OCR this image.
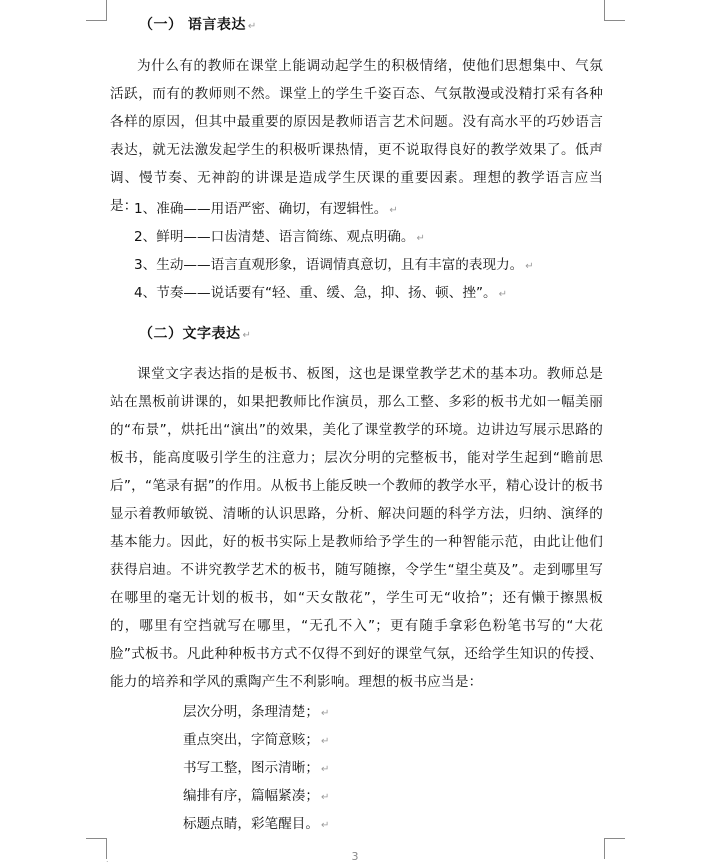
（一） 语言表达 ↵

为什么有的教师在课堂上能调动起学生的积极情绪，使他们思想集中、气氛活跃，而有的教师则不然。课堂上的学生千姿百态、气氛散漫或没精打采有各种各样的原因，但其中最重要的原因是教师语言艺术问题。没有高水平的巧妙语言表达，就无法激发起学生的积极听课热情，更不说取得良好的教学效果了。低声调、慢节奏、无神韵的讲课是造成学生厌课的重要因素。理想的教学语言应当是：

1、准确——用语严密、确切，有逻辑性。 ↵
2、鲜明——口齿清楚、语言简练、观点明确。 ↵
3、生动——语言直观形象，语调情真意切，且有丰富的表现力。 ↵
4、节奏——说话要有“轻、重、缓、急，抑、扬、顿、挫”。 ↵
（二）文字表达 ↵

课堂文字表达指的是板书、板图，这也是课堂教学艺术的基本功。教师总是站在黑板前讲课的，如果把教师比作演员，那么工整、多彩的板书尤如一幅美丽的“布景”，烘托出“演出”的效果，美化了课堂教学的环境。边讲边写展示思路的板书，能高度吸引学生的注意力；层次分明的完整板书，能对学生起到“瞻前思后”，“笔录有据”的作用。从板书上能反映一个教师的教学水平，精心设计的板书显示着教师敏锐、清晰的认识思路，分析、解决问题的科学方法，归纳、演绎的基本能力。因此，好的板书实际上是教师给予学生的一种智能示范，由此让他们获得启迪。不讲究教学艺术的板书，随写随擦，令学生“望尘莫及”。走到哪里写在哪里的毫无计划的板书，如“天女散花”，学生可无“收拾”；还有懒于擦黑板的，哪里有空挡就写在哪里，“无孔不入”；更有随手拿彩色粉笔书写的“大花脸”式板书。凡此种种板书方式不仅得不到好的课堂气氛，还给学生知识的传授、能力的培养和学风的熏陶产生不利影响。理想的板书应当是：

层次分明，条理清楚； ↵
重点突出，字简意赅； ↵
书写工整，图示清晰； ↵
编排有序，篇幅紧凑； ↵
标题点睛，彩笔醒目。 ↵
.	3
